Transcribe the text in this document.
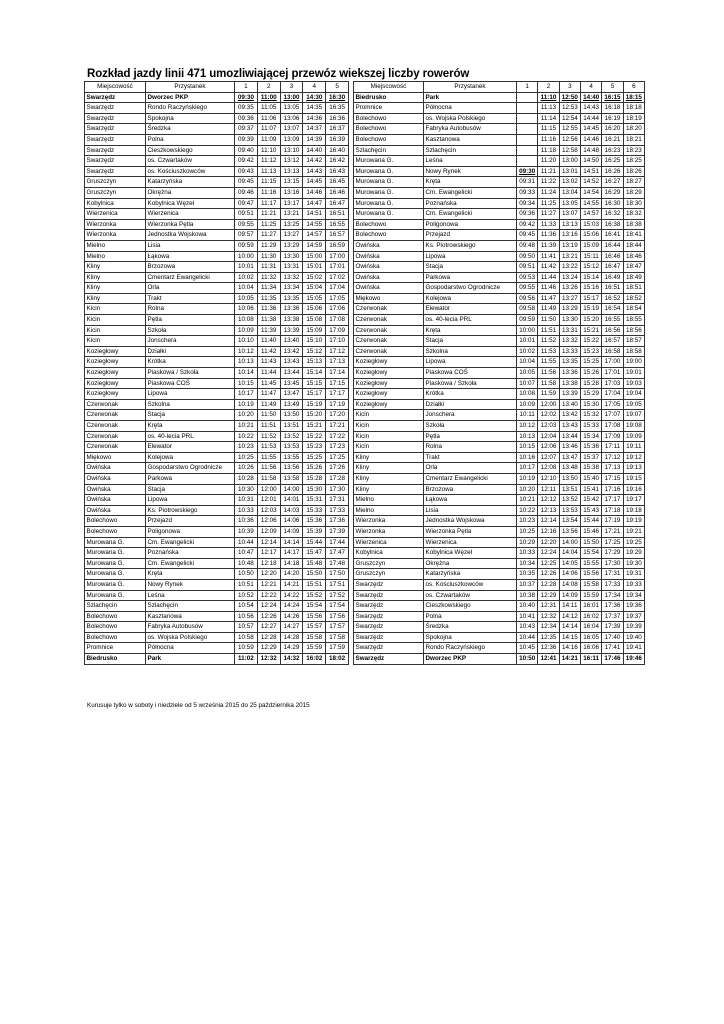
Rozkład jazdy linii 471 umozliwiającej przewóz wiekszej liczby rowerów
Miejscowość	Przystanek	1	2	3	4	5
Swarzędz	Dworzec PKP	09:30	11:00	13:00	14:30	16:30
Swarzędz	Rondo Raczyńskiego	09:35	11:05	13:05	14:35	16:35
Swarzędz	Spokojna	09:36	11:06	13:06	14:36	16:36
Swarzędz	Średzka	09:37	11:07	13:07	14:37	16:37
Swarzędz	Polna	09:39	11:09	13:09	14:39	16:39
Swarzędz	Cieszkowskiego	09:40	11:10	13:10	14:40	16:40
Swarzędz	os. Czwartaków	09:42	11:12	13:12	14:42	16:42
Swarzędz	os. Kościuszkowców	09:43	11:13	13:13	14:43	16:43
Gruszczyn	Katarzyńska	09:45	11:15	13:15	14:45	16:45
Gruszczyn	Okrężna	09:46	11:16	13:16	14:46	16:46
Kobylnica	Kobylnica Węzeł	09:47	11:17	13:17	14:47	16:47
Wierzenica	Wierzenica	09:51	11:21	13:21	14:51	16:51
Wierzonka	Wierzonka Pętla	09:55	11:25	13:25	14:55	16:55
Wierzonka	Jednostka Wojskowa	09:57	11:27	13:27	14:57	16:57
Mielno	Lisia	09:59	11:29	13:29	14:59	16:59
Mielno	Łąkowa	10:00	11:30	13:30	15:00	17:00
Kliny	Brzozowa	10:01	11:31	13:31	15:01	17:01
Kliny	Cmentarz Ewangelicki	10:02	11:32	13:32	15:02	17:02
Kliny	Orla	10:04	11:34	13:34	15:04	17:04
Kliny	Trakt	10:05	11:35	13:35	15:05	17:05
Kicin	Rolna	10:06	11:36	13:36	15:06	17:06
Kicin	Pętla	10:08	11:38	13:38	15:08	17:08
Kicin	Szkoła	10:09	11:39	13:39	15:09	17:09
Kicin	Jonschera	10:10	11:40	13:40	15:10	17:10
Koziegłowy	Działki	10:12	11:42	13:42	15:12	17:12
Koziegłowy	Krótka	10:13	11:43	13:43	15:13	17:13
Koziegłowy	Piaskowa / Szkoła	10:14	11:44	13:44	15:14	17:14
Koziegłowy	Piaskowa COŚ	10:15	11:45	13:45	15:15	17:15
Koziegłowy	Lipowa	10:17	11:47	13:47	15:17	17:17
Czerwonak	Szkolna	10:19	11:49	13:49	15:19	17:19
Czerwonak	Stacja	10:20	11:50	13:50	15:20	17:20
Czerwonak	Kręta	10:21	11:51	13:51	15:21	17:21
Czerwonak	os. 40-lecia PRL	10:22	11:52	13:52	15:22	17:22
Czerwonak	Elewator	10:23	11:53	13:53	15:23	17:23
Miękowo	Kolejowa	10:25	11:55	13:55	15:25	17:25
Owińska	Gospodarstwo Ogrodnicze	10:26	11:56	13:56	15:26	17:26
Owińska	Parkowa	10:28	11:58	13:58	15:28	17:28
Owińska	Stacja	10:30	12:00	14:00	15:30	17:30
Owińska	Lipowa	10:31	12:01	14:01	15:31	17:31
Owińska	Ks. Piotrowskiego	10:33	12:03	14:03	15:33	17:33
Bolechowo	Przejazd	10:36	12:06	14:06	15:36	17:36
Bolechowo	Poligonowa	10:39	12:09	14:09	15:39	17:39
Murowana G.	Cm. Ewangelicki	10:44	12:14	14:14	15:44	17:44
Murowana G.	Poznańska	10:47	12:17	14:17	15:47	17:47
Murowana G.	Cm. Ewangelicki	10:48	12:18	14:18	15:48	17:48
Murowana G.	Kręta	10:50	12:20	14:20	15:50	17:50
Murowana G.	Nowy Rynek	10:51	12:21	14:21	15:51	17:51
Murowana G.	Leśna	10:52	12:22	14:22	15:52	17:52
Szlachęcin	Szlachęcin	10:54	12:24	14:24	15:54	17:54
Bolechowo	Kasztanowa	10:56	12:26	14:26	15:56	17:56
Bolechowo	Fabryka Autobusów	10:57	12:27	14:27	15:57	17:57
Bolechowo	os. Wojska Polskiego	10:58	12:28	14:28	15:58	17:58
Promnice	Północna	10:59	12:29	14:29	15:59	17:59
Biedrusko	Park	11:02	12:32	14:32	16:02	18:02
Miejscowość	Przystanek	1	2	3	4	5	6
Biedrusko	Park		11:10	12:50	14:40	16:15	18:15
Promnice	Północna		11:13	12:53	14:43	16:18	18:18
Bolechowo	os. Wojska Polskiego		11:14	12:54	14:44	16:19	18:19
Bolechowo	Fabryka Autobusów		11:15	12:55	14:45	16:20	18:20
Bolechowo	Kasztanowa		11:16	12:56	14:46	16:21	18:21
Szlachęcin	Szlachęcin		11:18	12:58	14:48	16:23	18:23
Murowana G.	Leśna		11:20	13:00	14:50	16:25	18:25
Murowana G.	Nowy Rynek	09:30	11:21	13:01	14:51	16:26	18:26
Murowana G.	Kręta	09:31	11:22	13:02	14:52	16:27	18:27
Murowana G.	Cm. Ewangelicki	09:33	11:24	13:04	14:54	16:29	18:29
Murowana G.	Poznańska	09:34	11:25	13:05	14:55	16:30	18:30
Murowana G.	Cm. Ewangelicki	09:36	11:27	13:07	14:57	16:32	18:32
Bolechowo	Poligonowa	09:42	11:33	13:13	15:03	16:38	18:38
Bolechowo	Przejazd	09:45	11:36	13:16	15:06	16:41	18:41
Owińska	Ks. Piotrowskiego	09:48	11:39	13:19	15:09	16:44	18:44
Owińska	Lipowa	09:50	11:41	13:21	15:11	16:46	18:46
Owińska	Stacja	09:51	11:42	13:22	15:12	16:47	18:47
Owińska	Parkowa	09:53	11:44	13:24	15:14	16:49	18:49
Owińska	Gospodarstwo Ogrodnicze	09:55	11:46	13:26	15:16	16:51	18:51
Miękowo	Kolejowa	09:56	11:47	13:27	15:17	16:52	18:52
Czerwonak	Elewator	09:58	11:49	13:29	15:19	16:54	18:54
Czerwonak	os. 40-lecia PRL	09:59	11:50	13:30	15:20	16:55	18:55
Czerwonak	Kręta	10:00	11:51	13:31	15:21	16:56	18:56
Czerwonak	Stacja	10:01	11:52	13:32	15:22	16:57	18:57
Czerwonak	Szkolna	10:02	11:53	13:33	15:23	16:58	18:58
Koziegłowy	Lipowa	10:04	11:55	13:35	15:25	17:00	19:00
Koziegłowy	Piaskowa COŚ	10:05	11:56	13:36	15:26	17:01	19:01
Koziegłowy	Piaskowa / Szkoła	10:07	11:58	13:38	15:28	17:03	19:03
Koziegłowy	Krótka	10:08	11:59	13:39	15:29	17:04	19:04
Koziegłowy	Działki	10:09	12:00	13:40	15:30	17:05	19:05
Kicin	Jonschera	10:11	12:02	13:42	15:32	17:07	19:07
Kicin	Szkoła	10:12	12:03	13:43	15:33	17:08	19:08
Kicin	Pętla	10:13	12:04	13:44	15:34	17:09	19:09
Kicin	Rolna	10:15	12:06	13:46	15:36	17:11	19:11
Kliny	Trakt	10:16	12:07	13:47	15:37	17:12	19:12
Kliny	Orla	10:17	12:08	13:48	15:38	17:13	19:13
Kliny	Cmentarz Ewangelicki	10:19	12:10	13:50	15:40	17:15	19:15
Kliny	Brzozowa	10:20	12:11	13:51	15:41	17:16	19:16
Mielno	Łąkowa	10:21	12:12	13:52	15:42	17:17	19:17
Mielno	Lisia	10:22	12:13	13:53	15:43	17:18	19:18
Wierzonka	Jednostka Wojskowa	10:23	12:14	13:54	15:44	17:19	19:19
Wierzonka	Wierzonka Pętla	10:25	12:16	13:56	15:46	17:21	19:21
Wierzenica	Wierzenica	10:29	12:20	14:00	15:50	17:25	19:25
Kobylnica	Kobylnica Węzeł	10:33	12:24	14:04	15:54	17:29	19:29
Gruszczyn	Okrężna	10:34	12:25	14:05	15:55	17:30	19:30
Gruszczyn	Katarzyńska	10:35	12:26	14:06	15:56	17:31	19:31
Swarzędz	os. Kościuszkowców	10:37	12:28	14:08	15:58	17:33	19:33
Swarzędz	os. Czwartaków	10:38	12:29	14:09	15:59	17:34	19:34
Swarzędz	Cieszkowskiego	10:40	12:31	14:11	16:01	17:36	19:36
Swarzędz	Polna	10:41	12:32	14:12	16:02	17:37	19:37
Swarzędz	Średzka	10:43	12:34	14:14	16:04	17:39	19:39
Swarzędz	Spokojna	10:44	12:35	14:15	16:05	17:40	19:40
Swarzędz	Rondo Raczyńskiego	10:45	12:36	14:16	16:06	17:41	19:41
Swarzędz	Dworzec PKP	10:50	12:41	14:21	16:11	17:46	19:46
Kurusuje tylko w soboty i niedziele od 5 września 2015 do 25 października 2015
